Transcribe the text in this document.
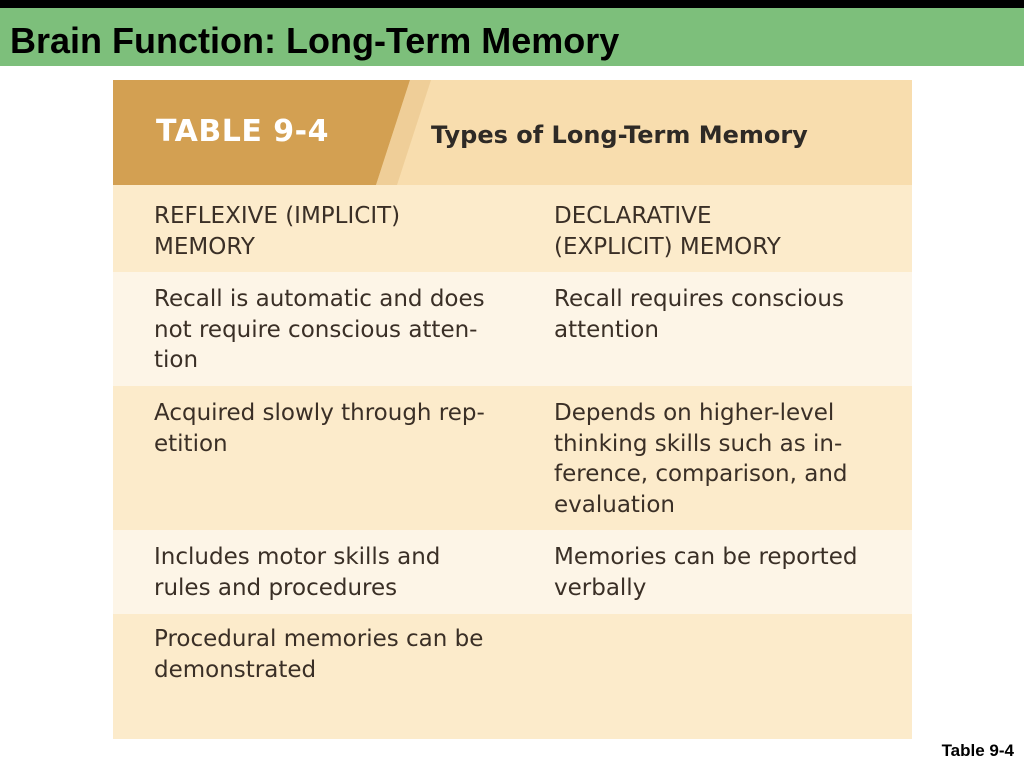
Brain Function: Long-Term Memory
TABLE 9-4	Types of Long-Term Memory
REFLEXIVE (IMPLICIT)
MEMORY
DECLARATIVE
(EXPLICIT) MEMORY
Recall is automatic and does
not require conscious atten-
tion
Recall requires conscious
attention
Acquired slowly through rep-
etition
Depends on higher-level
thinking skills such as in-
ference, comparison, and
evaluation
Includes motor skills and
rules and procedures
Memories can be reported
verbally
Procedural memories can be
demonstrated
Table 9-4
